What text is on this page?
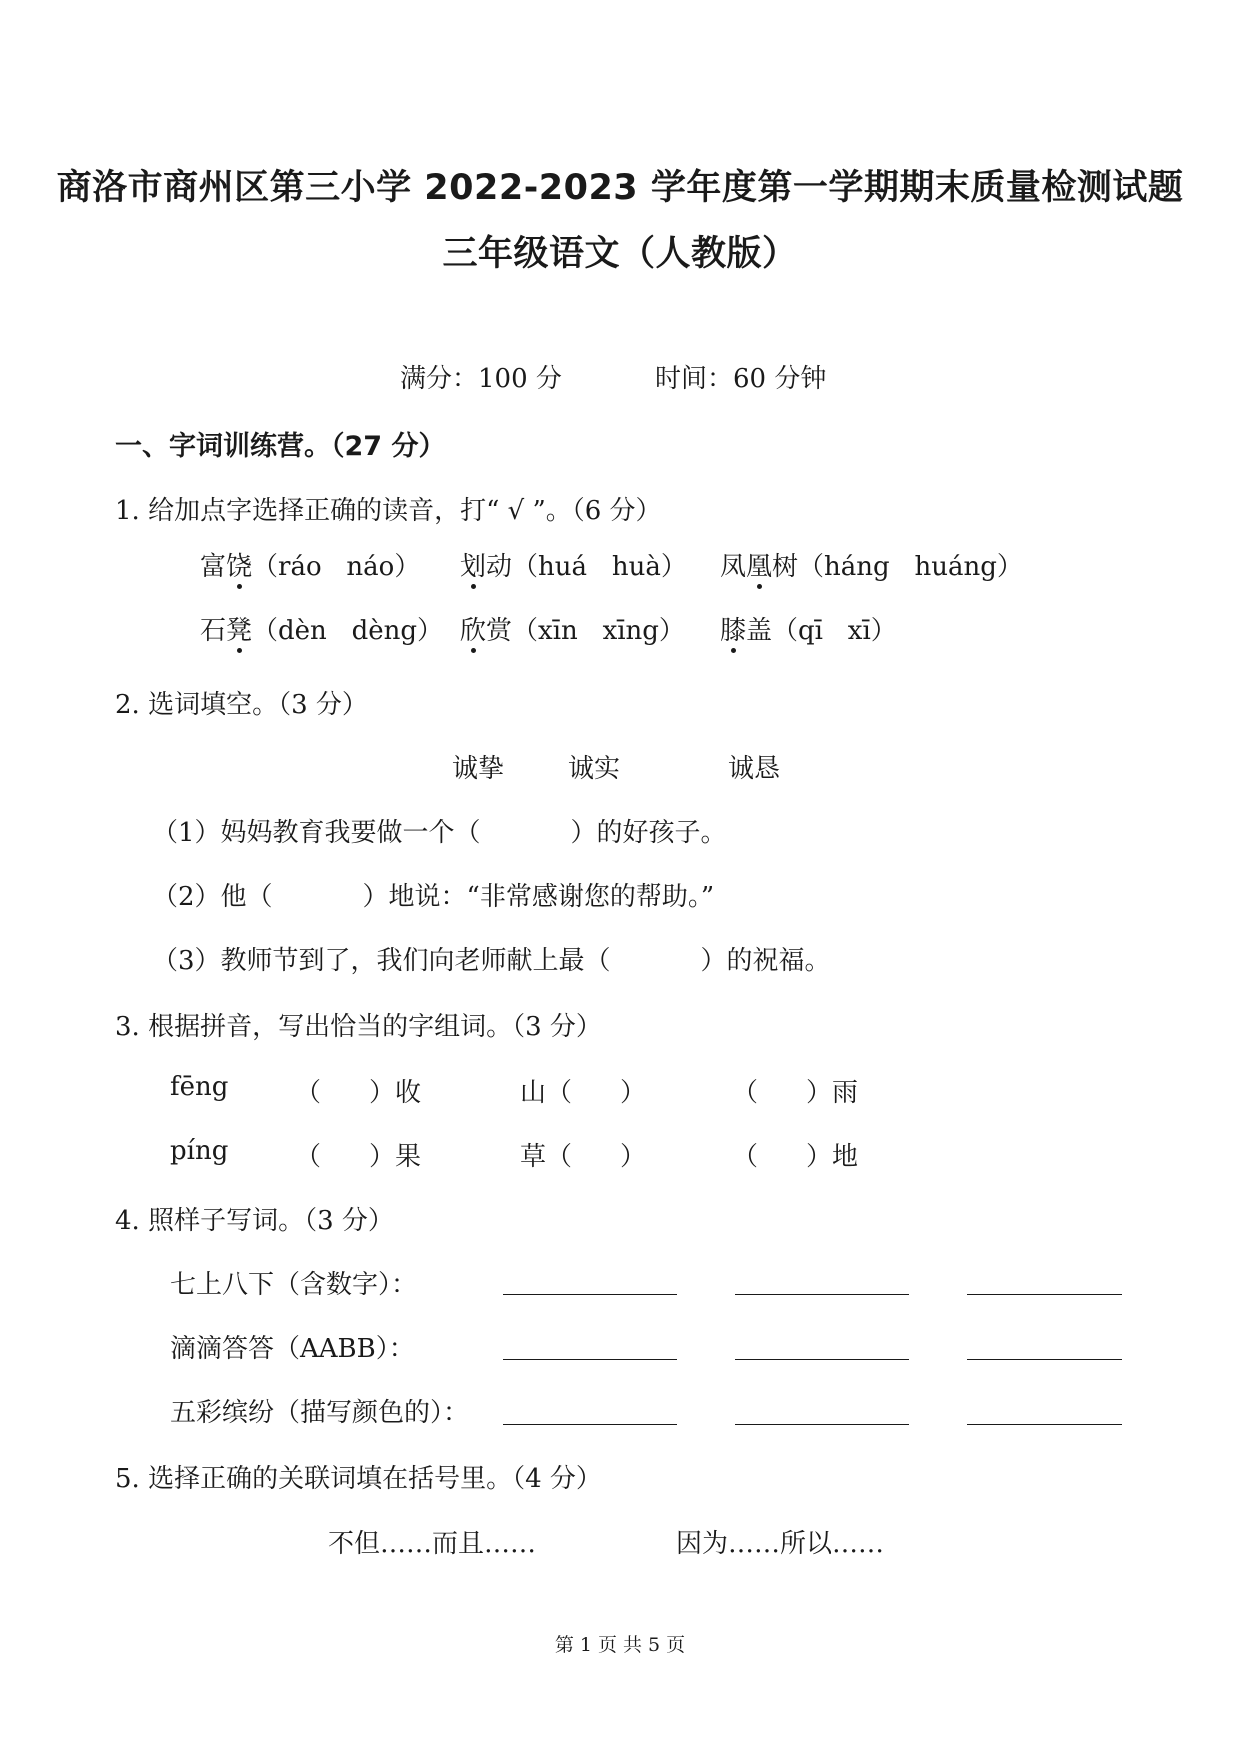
商洛市商州区第三小学 2022-2023 学年度第一学期期末质量检测试题
三年级语文（人教版）
满分：100 分	时间：60 分钟
一、字词训练营。（27 分）
1. 给加点字选择正确的读音，打“ √ ”。（6 分）
富饶（ráo náo） 划动（huá huà） 凤凰树（háng huáng）
石凳（dèn dèng） 欣赏（xīn xīng） 膝盖（qī xī）
2. 选词填空。（3 分）
诚挚 诚实	诚恳
（1）妈妈教育我要做一个（	）的好孩子。
（2）他（	）地说：“非常感谢您的帮助。”
（3）教师节到了，我们向老师献上最（	）的祝福。
3. 根据拼音，写出恰当的字组词。（3 分）
fēng	（ ）收	山（ ）	（ ）雨
píng	（ ）果	草（ ）	（ ）地
4. 照样子写词。（3 分）
七上八下（含数字）：
滴滴答答（AABB）：
五彩缤纷（描写颜色的）：
5. 选择正确的关联词填在括号里。（4 分）
不但……而且……	因为……所以……
第 1 页 共 5 页
